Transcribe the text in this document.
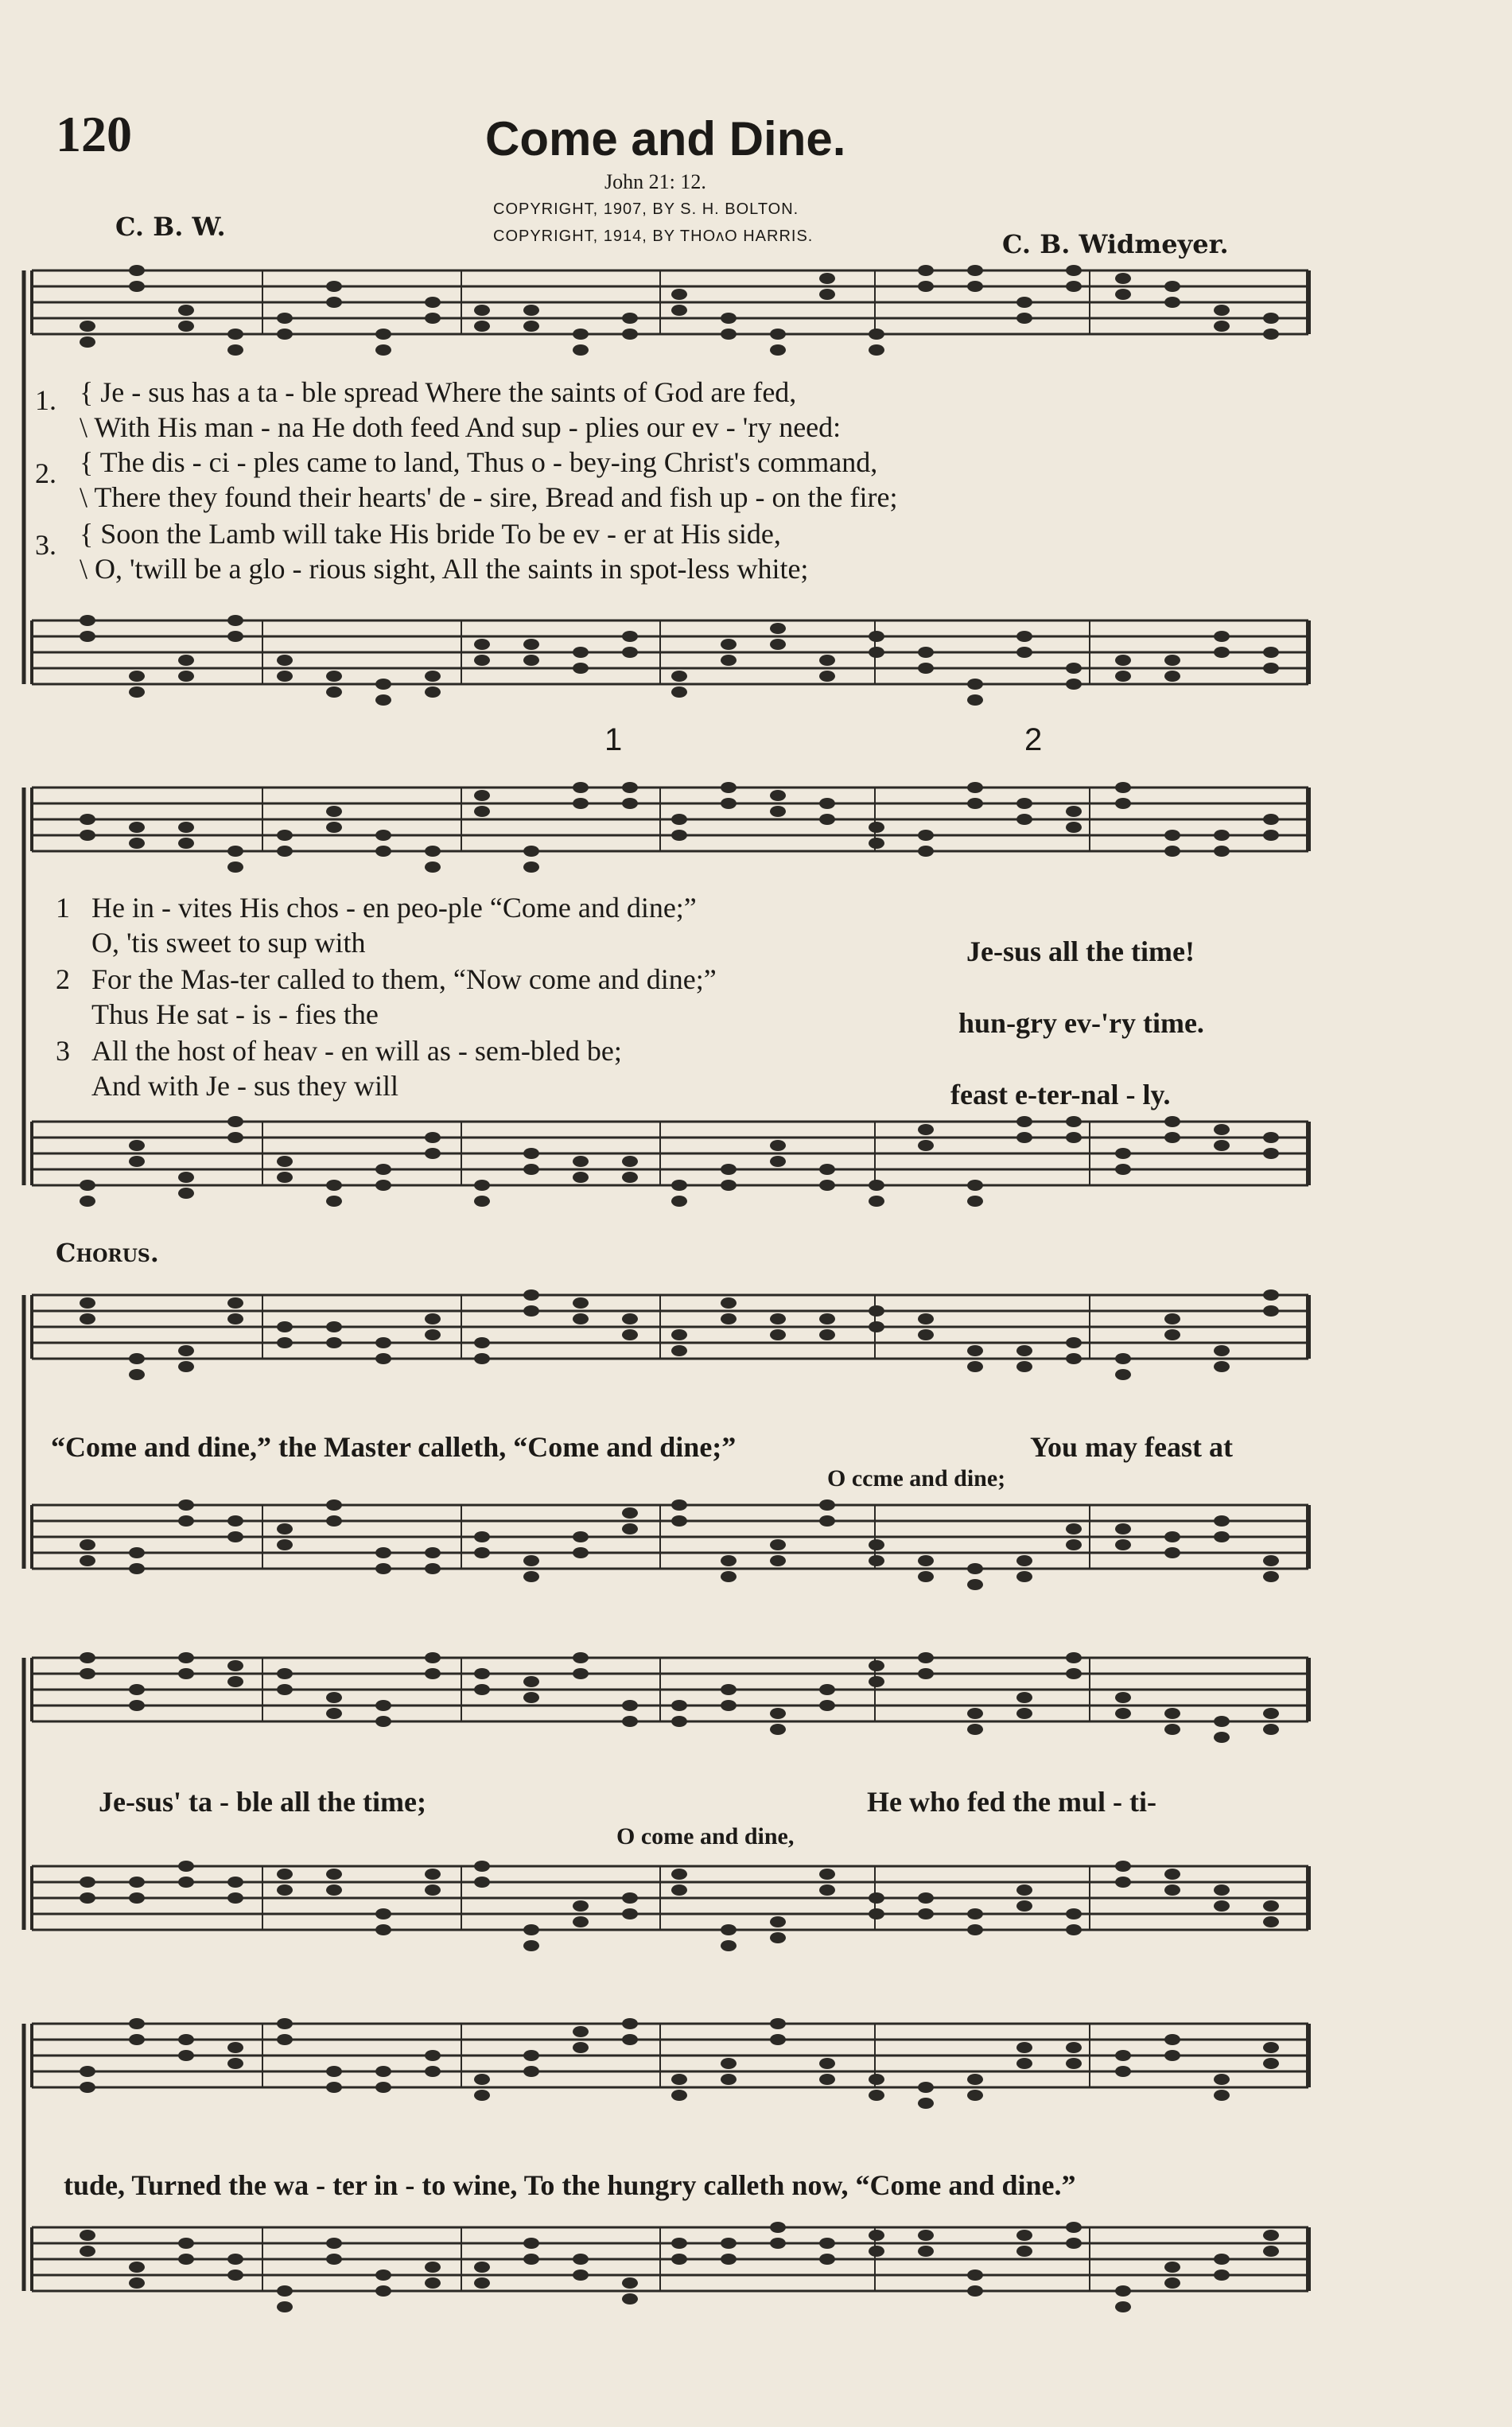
120	Come and Dine.
John 21: 12.
COPYRIGHT, 1907, BY S. H. BOLTON.
COPYRIGHT, 1914, BY THOʌO HARRIS.
C. B. W.
C. B. Widmeyer.
1. { Je - sus has a ta - ble spread Where the saints of God are fed,
\ With His man - na He doth feed And sup - plies our ev - 'ry need:
2. { The dis - ci - ples came to land, Thus o - bey-ing Christ's command,
\ There they found their hearts' de - sire, Bread and fish up - on the fire;
3. { Soon the Lamb will take His bride To be ev - er at His side,
\ O, 'twill be a glo - rious sight, All the saints in spot-less white;
1	2
1 He in - vites His chos - en peo-ple “Come and dine;”
O, 'tis sweet to sup with
2 For the Mas-ter called to them, “Now come and dine;”
Thus He sat - is - fies the
3 All the host of heav - en will as - sem-bled be;
And with Je - sus they will
Je-sus all the time!
hun-gry ev-'ry time.
feast e-ter-nal - ly.
Chorus.
“Come and dine,” the Master calleth, “Come and dine;”	You may feast at
O ccme and dine;
Je-sus' ta - ble all the time;	He who fed the mul - ti-
O come and dine,
tude, Turned the wa - ter in - to wine, To the hungry calleth now, “Come and dine.”
